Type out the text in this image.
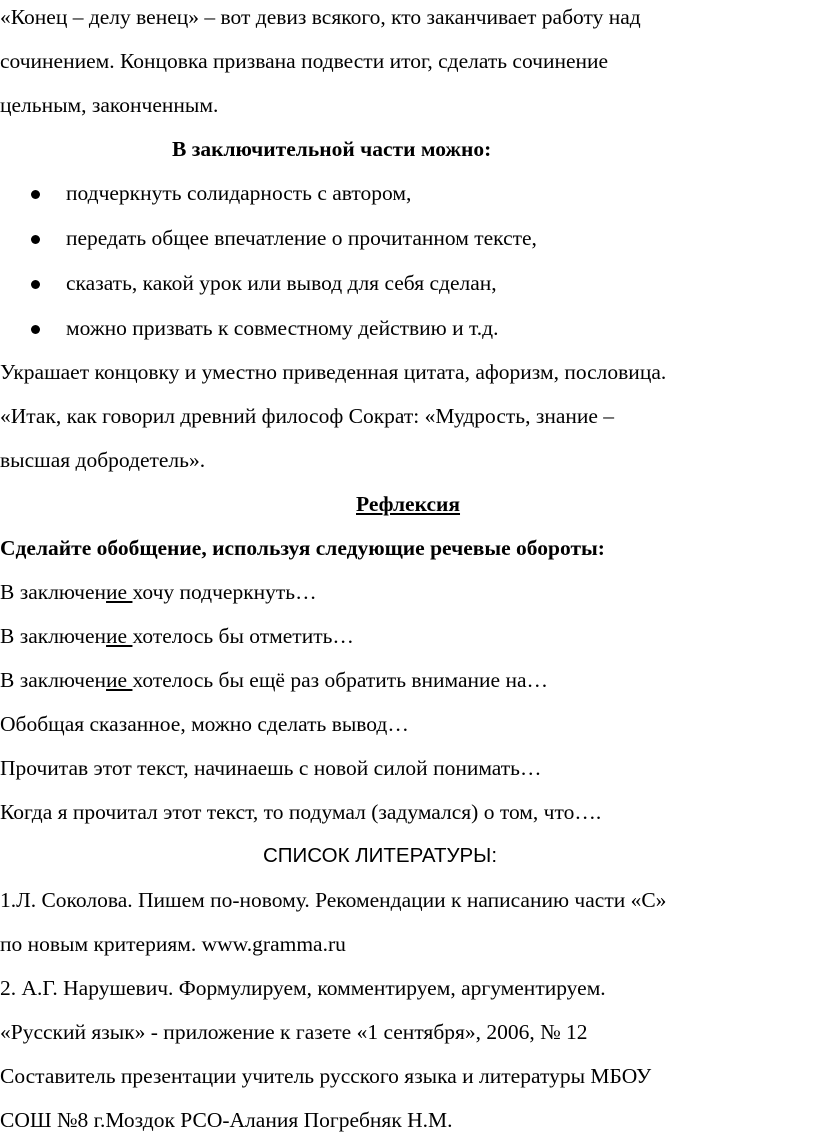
«Конец – делу венец» – вот девиз всякого, кто заканчивает работу над
сочинением. Концовка призвана подвести итог, сделать сочинение
цельным, законченным.
В заключительной части можно:
подчеркнуть солидарность с автором,
передать общее впечатление о прочитанном тексте,
сказать, какой урок или вывод для себя сделан,
можно призвать к совместному действию и т.д.
Украшает концовку и уместно приведенная цитата, афоризм, пословица.
«Итак, как говорил древний философ Сократ: «Мудрость, знание –
высшая добродетель».
Рефлексия
Сделайте обобщение, используя следующие речевые обороты:
В заключение хочу подчеркнуть…
В заключение хотелось бы отметить…
В заключение хотелось бы ещё раз обратить внимание на…
Обобщая сказанное, можно сделать вывод…
Прочитав этот текст, начинаешь с новой силой понимать…
Когда я прочитал этот текст, то подумал (задумался) о том, что….
СПИСОК ЛИТЕРАТУРЫ:
1.Л. Соколова. Пишем по-новому. Рекомендации к написанию части «С»
по новым критериям. www.gramma.ru
2. А.Г. Нарушевич. Формулируем, комментируем, аргументируем.
«Русский язык» - приложение к газете «1 сентября», 2006, № 12
Составитель презентации учитель русского языка и литературы МБОУ
СОШ №8 г.Моздок РСО-Алания Погребняк Н.М.
